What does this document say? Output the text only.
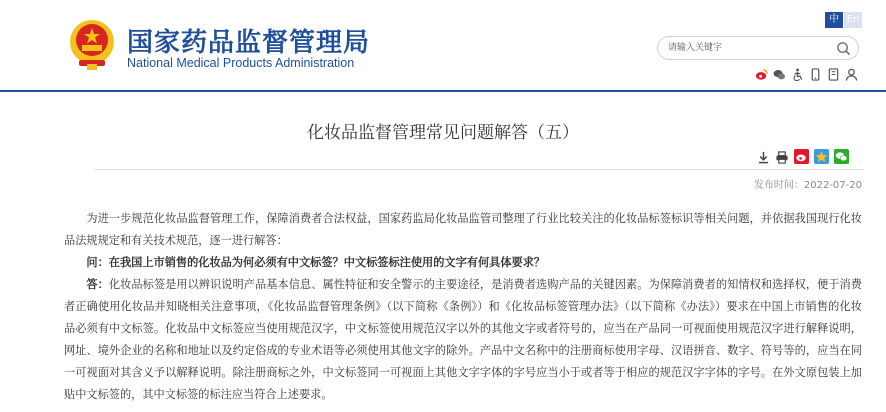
国家药品监督管理局
National Medical Products Administration
中 En
请输入关键字
化妆品监督管理常见问题解答（五）
发布时间：2022-07-20

为进一步规范化妆品监督管理工作，保障消费者合法权益，国家药监局化妆品监管司整理了行业比较关注的化妆品标签标识等相关问题，并依据我国现行化妆品法规规定和有关技术规范，逐一进行解答：

问：在我国上市销售的化妆品为何必须有中文标签？中文标签标注使用的文字有何具体要求？

答：化妆品标签是用以辨识说明产品基本信息、属性特征和安全警示的主要途径，是消费者选购产品的关键因素。为保障消费者的知情权和选择权，便于消费者正确使用化妆品并知晓相关注意事项，《化妆品监督管理条例》（以下简称《条例》）和《化妆品标签管理办法》（以下简称《办法》）要求在中国上市销售的化妆品必须有中文标签。化妆品中文标签应当使用规范汉字，中文标签使用规范汉字以外的其他文字或者符号的，应当在产品同一可视面使用规范汉字进行解释说明，网址、境外企业的名称和地址以及约定俗成的专业术语等必须使用其他文字的除外。产品中文名称中的注册商标使用字母、汉语拼音、数字、符号等的，应当在同一可视面对其含义予以解释说明。除注册商标之外，中文标签同一可视面上其他文字字体的字号应当小于或者等于相应的规范汉字字体的字号。在外文原包装上加贴中文标签的，其中文标签的标注应当符合上述要求。
